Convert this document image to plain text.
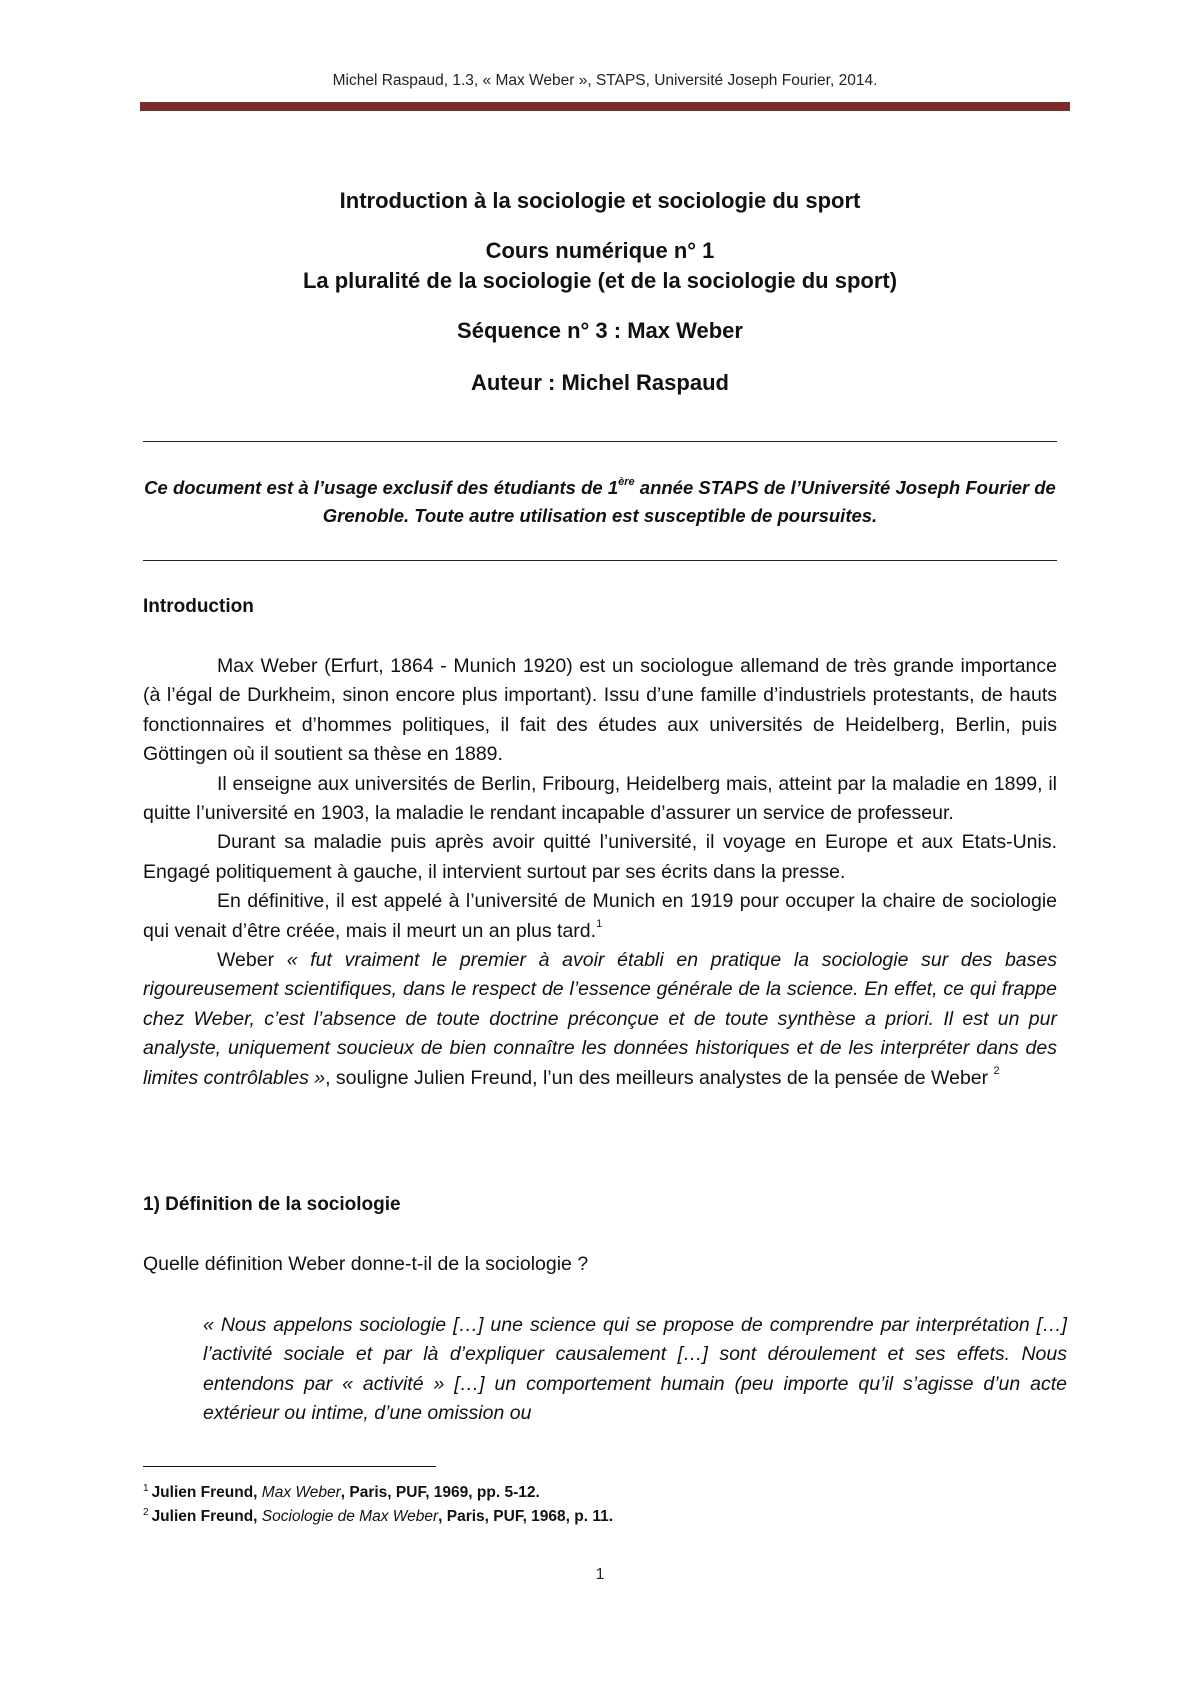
Michel Raspaud, 1.3, « Max Weber », STAPS, Université Joseph Fourier, 2014.
Introduction à la sociologie et sociologie du sport
Cours numérique n° 1
La pluralité de la sociologie (et de la sociologie du sport)
Séquence n° 3 : Max Weber
Auteur : Michel Raspaud
Ce document est à l’usage exclusif des étudiants de 1ère année STAPS de l’Université Joseph Fourier de Grenoble. Toute autre utilisation est susceptible de poursuites.
Introduction

Max Weber (Erfurt, 1864 - Munich 1920) est un sociologue allemand de très grande importance (à l’égal de Durkheim, sinon encore plus important). Issu d’une famille d’industriels protestants, de hauts fonctionnaires et d’hommes politiques, il fait des études aux universités de Heidelberg, Berlin, puis Göttingen où il soutient sa thèse en 1889.

Il enseigne aux universités de Berlin, Fribourg, Heidelberg mais, atteint par la maladie en 1899, il quitte l’université en 1903, la maladie le rendant incapable d’assurer un service de professeur.

Durant sa maladie puis après avoir quitté l’université, il voyage en Europe et aux Etats-Unis. Engagé politiquement à gauche, il intervient surtout par ses écrits dans la presse.

En définitive, il est appelé à l’université de Munich en 1919 pour occuper la chaire de sociologie qui venait d’être créée, mais il meurt un an plus tard.$^1$

Weber « fut vraiment le premier à avoir établi en pratique la sociologie sur des bases rigoureusement scientifiques, dans le respect de l’essence générale de la science. En effet, ce qui frappe chez Weber, c’est l’absence de toute doctrine préconçue et de toute synthèse a priori. Il est un pur analyste, uniquement soucieux de bien connaître les données historiques et de les interpréter dans des limites contrôlables », souligne Julien Freund, l’un des meilleurs analystes de la pensée de Weber $^2$

1) Définition de la sociologie
Quelle définition Weber donne-t-il de la sociologie ?
« Nous appelons sociologie […] une science qui se propose de comprendre par interprétation […] l’activité sociale et par là d’expliquer causalement […] sont déroulement et ses effets. Nous entendons par « activité » […] un comportement humain (peu importe qu’il s’agisse d’un acte extérieur ou intime, d’une omission ou
$^1$ Julien Freund, Max Weber, Paris, PUF, 1969, pp. 5-12.
$^2$ Julien Freund, Sociologie de Max Weber, Paris, PUF, 1968, p. 11.
1
